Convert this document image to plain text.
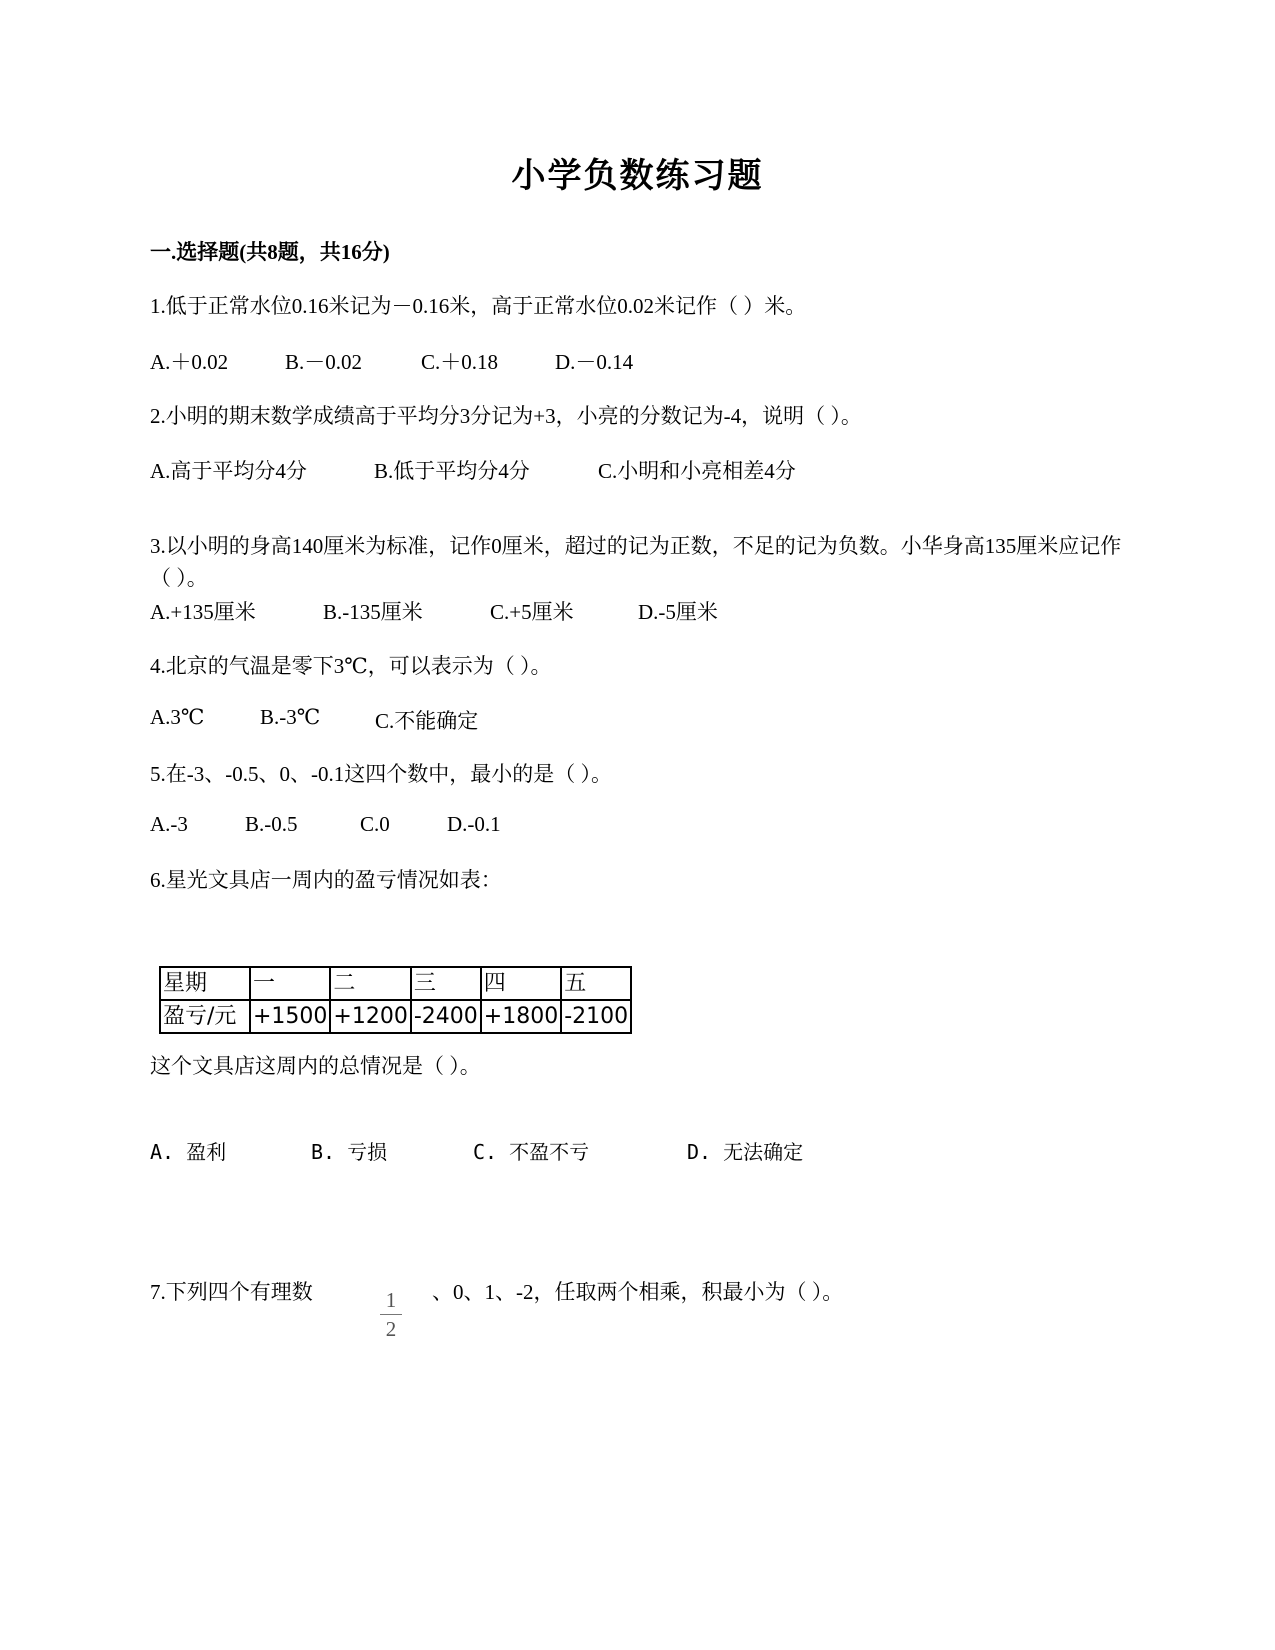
小学负数练习题
一.选择题(共8题，共16分)
1.低于正常水位0.16米记为－0.16米，高于正常水位0.02米记作（ ）米。
A.＋0.02	B.－0.02	C.＋0.18	D.－0.14
2.小明的期末数学成绩高于平均分3分记为+3，小亮的分数记为-4，说明（ ）。
A.高于平均分4分	B.低于平均分4分	C.小明和小亮相差4分
3.以小明的身高140厘米为标准，记作0厘米，超过的记为正数，不足的记为负数。小华身高135厘米应记作（ ）。
A.+135厘米	B.-135厘米	C.+5厘米	D.-5厘米
4.北京的气温是零下3℃，可以表示为（ ）。
A.3℃	B.-3℃	C.不能确定
5.在-3、-0.5、0、-0.1这四个数中，最小的是（ ）。
A.-3	B.-0.5	C.0	D.-0.1
6.星光文具店一周内的盈亏情况如表：
星期	一	二	三	四	五
盈亏/元	+1500	+1200	-2400	+1800	-2100
这个文具店这周内的总情况是（ ）。
A. 盈利	B. 亏损	C. 不盈不亏	D. 无法确定
7.下列四个有理数	1
2
、0、1、-2，任取两个相乘，积最小为（ ）。
